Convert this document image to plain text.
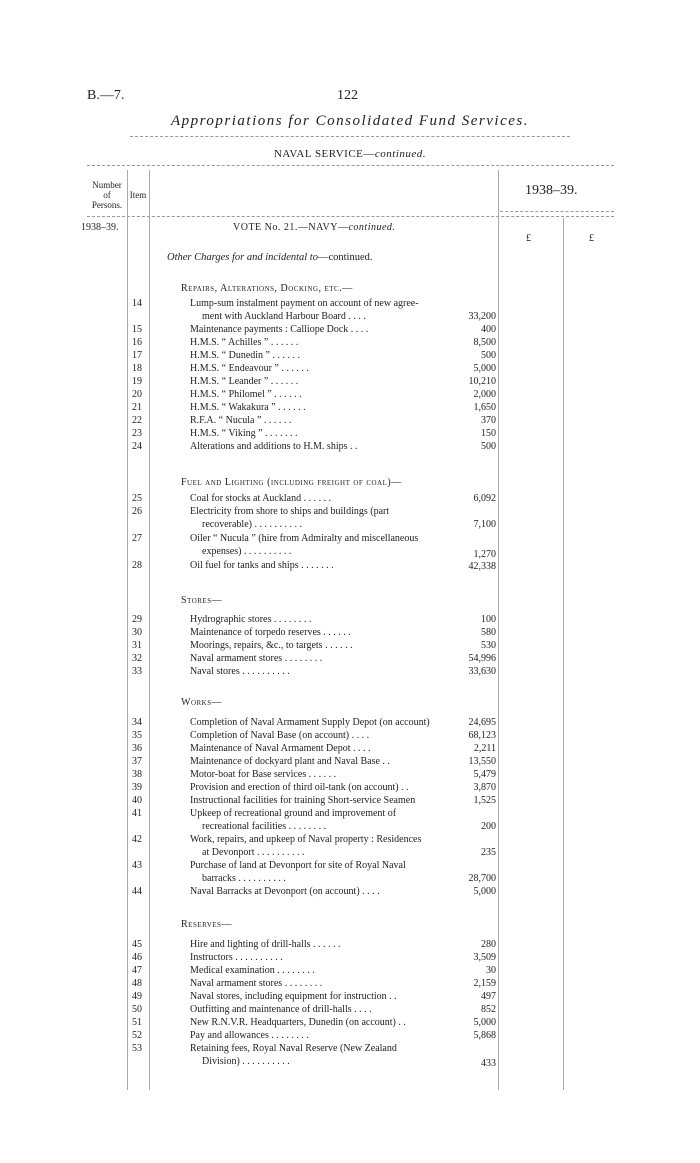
B.—7.	122
Appropriations for Consolidated Fund Services.
NAVAL SERVICE—continued.
Number
of
Persons.
Item	1938–39.
1938–39.
£	£
VOTE No. 21.—NAVY—continued.
Other Charges for and incidental to—continued.
Repairs, Alterations, Docking, etc.—
14	Lump-sum instalment payment on account of new agree-
ment with Auckland Harbour Board . . . .	33,200
15	Maintenance payments : Calliope Dock . . . .	400
16	H.M.S. “ Achilles ” . . . . . .	8,500
17	H.M.S. “ Dunedin ” . . . . . .	500
18	H.M.S. “ Endeavour ” . . . . . .	5,000
19	H.M.S. “ Leander ” . . . . . .	10,210
20	H.M.S. “ Philomel ” . . . . . .	2,000
21	H.M.S. “ Wakakura ” . . . . . .	1,650
22	R.F.A. “ Nucula ” . . . . . .	370
23	H.M.S. “ Viking ” . . . . . . .	150
24	Alterations and additions to H.M. ships . .	500
Fuel and Lighting (including freight of coal)—
25	Coal for stocks at Auckland . . . . . .	6,092
26	Electricity from shore to ships and buildings (part
recoverable) . . . . . . . . . .	7,100
27	Oiler “ Nucula ” (hire from Admiralty and miscellaneous
expenses) . . . . . . . . . .	1,270
28	Oil fuel for tanks and ships . . . . . . .	42,338
Stores—
29	Hydrographic stores . . . . . . . .	100
30	Maintenance of torpedo reserves . . . . . .	580
31	Moorings, repairs, &c., to targets . . . . . .	530
32	Naval armament stores . . . . . . . .	54,996
33	Naval stores . . . . . . . . . .	33,630
Works—
34	Completion of Naval Armament Supply Depot (on account)	24,695
35	Completion of Naval Base (on account) . . . .	68,123
36	Maintenance of Naval Armament Depot . . . .	2,211
37	Maintenance of dockyard plant and Naval Base . .	13,550
38	Motor-boat for Base services . . . . . .	5,479
39	Provision and erection of third oil-tank (on account) . .	3,870
40	Instructional facilities for training Short-service Seamen	1,525
41	Upkeep of recreational ground and improvement of
recreational facilities . . . . . . . .	200
42	Work, repairs, and upkeep of Naval property : Residences
at Devonport . . . . . . . . . .	235
43	Purchase of land at Devonport for site of Royal Naval
barracks . . . . . . . . . .	28,700
44	Naval Barracks at Devonport (on account) . . . .	5,000
Reserves—
45	Hire and lighting of drill-halls . . . . . .	280
46	Instructors . . . . . . . . . .	3,509
47	Medical examination . . . . . . . .	30
48	Naval armament stores . . . . . . . .	2,159
49	Naval stores, including equipment for instruction . .	497
50	Outfitting and maintenance of drill-halls . . . .	852
51	New R.N.V.R. Headquarters, Dunedin (on account) . .	5,000
52	Pay and allowances . . . . . . . .	5,868
53	Retaining fees, Royal Naval Reserve (New Zealand
Division) . . . . . . . . . .	433
